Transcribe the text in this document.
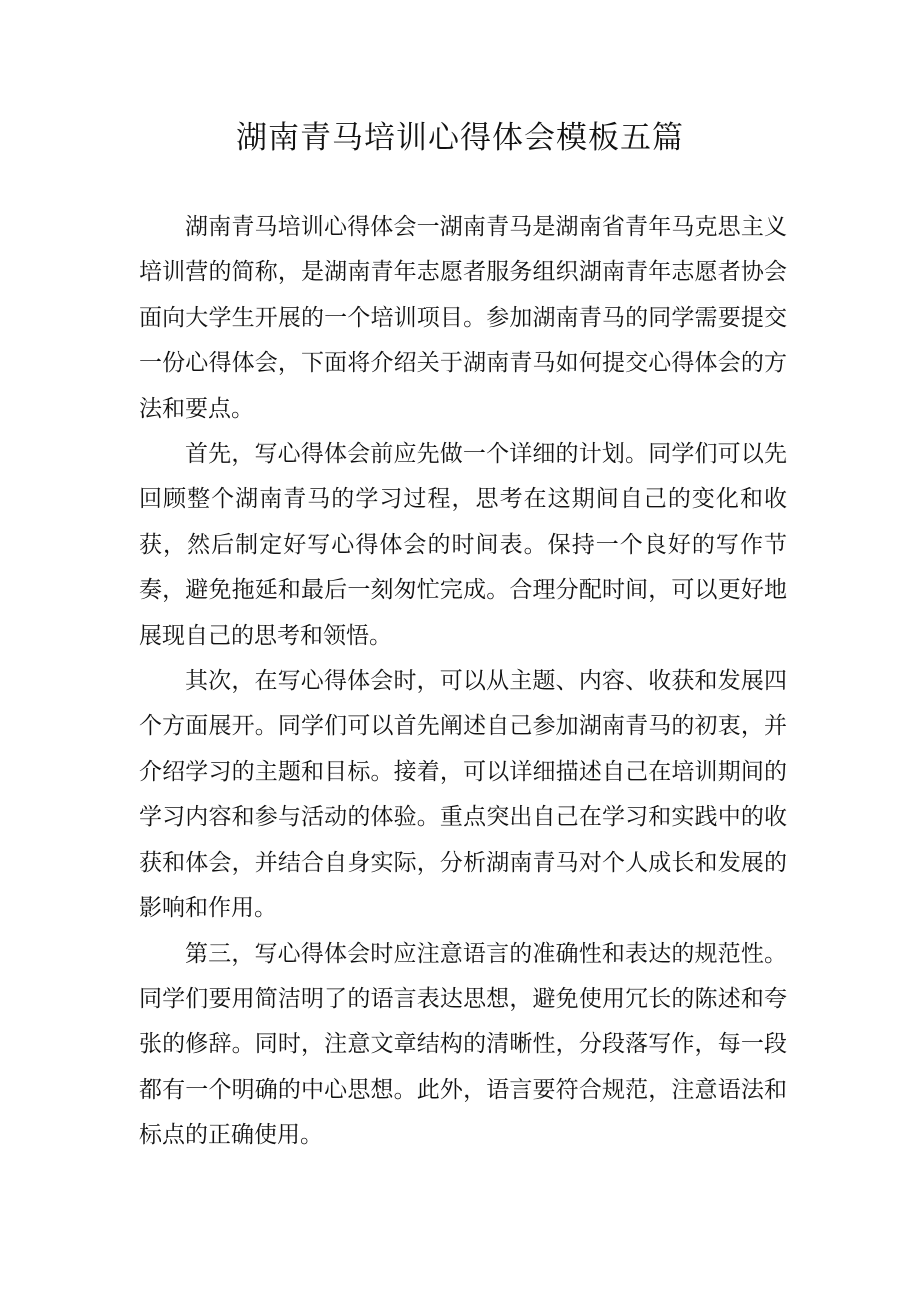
湖南青马培训心得体会模板五篇

湖南青马培训心得体会一湖南青马是湖南省青年马克思主义培训营的简称，是湖南青年志愿者服务组织湖南青年志愿者协会面向大学生开展的一个培训项目。参加湖南青马的同学需要提交一份心得体会，下面将介绍关于湖南青马如何提交心得体会的方法和要点。

首先，写心得体会前应先做一个详细的计划。同学们可以先回顾整个湖南青马的学习过程，思考在这期间自己的变化和收获，然后制定好写心得体会的时间表。保持一个良好的写作节奏，避免拖延和最后一刻匆忙完成。合理分配时间，可以更好地展现自己的思考和领悟。

其次，在写心得体会时，可以从主题、内容、收获和发展四个方面展开。同学们可以首先阐述自己参加湖南青马的初衷，并介绍学习的主题和目标。接着，可以详细描述自己在培训期间的学习内容和参与活动的体验。重点突出自己在学习和实践中的收获和体会，并结合自身实际，分析湖南青马对个人成长和发展的影响和作用。

第三，写心得体会时应注意语言的准确性和表达的规范性。同学们要用简洁明了的语言表达思想，避免使用冗长的陈述和夸张的修辞。同时，注意文章结构的清晰性，分段落写作，每一段都有一个明确的中心思想。此外，语言要符合规范，注意语法和标点的正确使用。
